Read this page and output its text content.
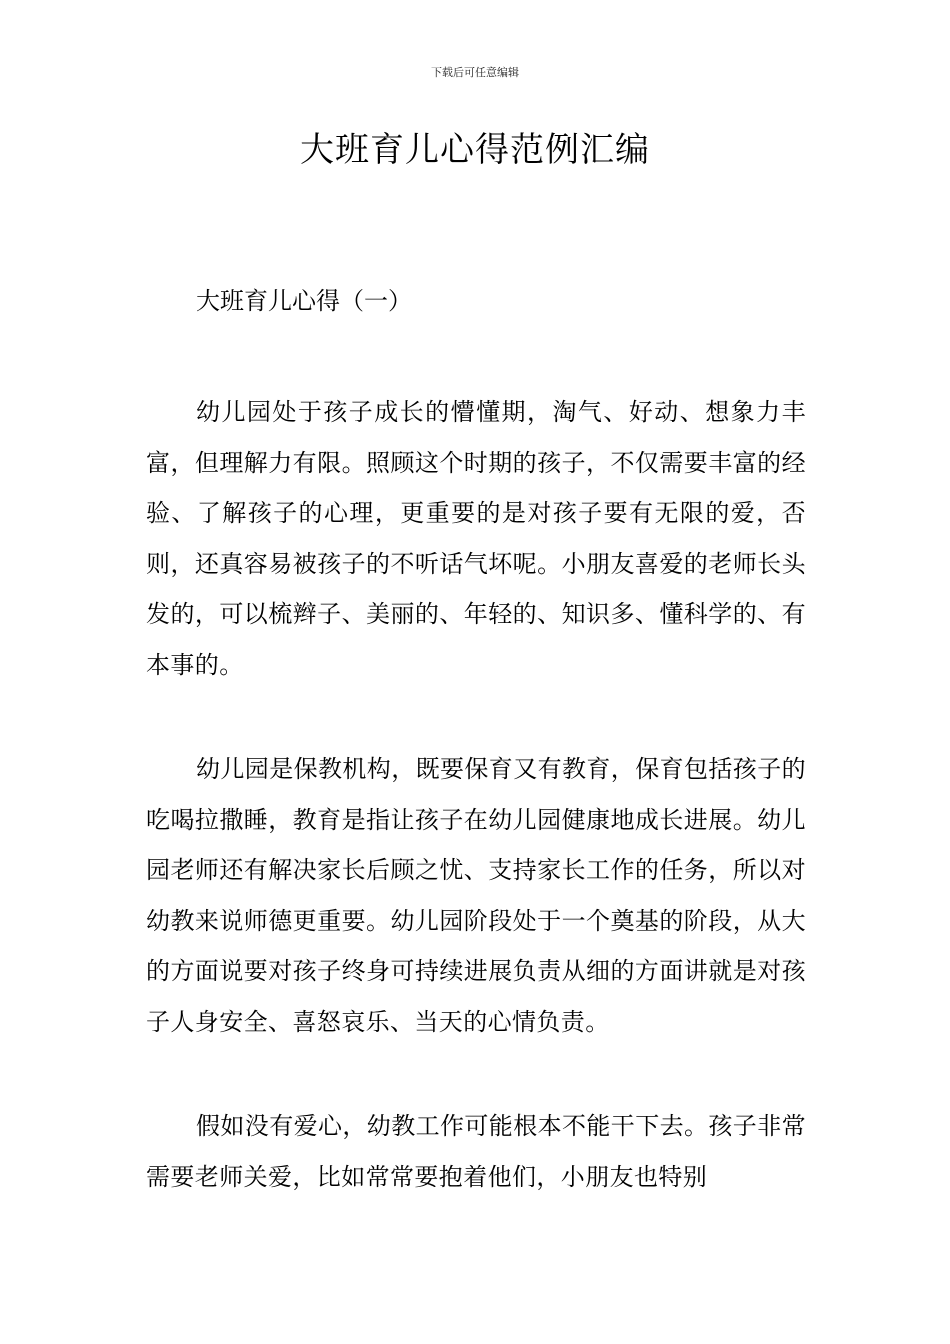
下载后可任意编辑
大班育儿心得范例汇编
大班育儿心得（一）

幼儿园处于孩子成长的懵懂期，淘气、好动、想象力丰富，但理解力有限。照顾这个时期的孩子，不仅需要丰富的经验、了解孩子的心理，更重要的是对孩子要有无限的爱，否则，还真容易被孩子的不听话气坏呢。小朋友喜爱的老师长头发的，可以梳辫子、美丽的、年轻的、知识多、懂科学的、有本事的。

幼儿园是保教机构，既要保育又有教育，保育包括孩子的吃喝拉撒睡，教育是指让孩子在幼儿园健康地成长进展。幼儿园老师还有解决家长后顾之忧、支持家长工作的任务，所以对幼教来说师德更重要。幼儿园阶段处于一个奠基的阶段，从大的方面说要对孩子终身可持续进展负责从细的方面讲就是对孩子人身安全、喜怒哀乐、当天的心情负责。

假如没有爱心，幼教工作可能根本不能干下去。孩子非常需要老师关爱，比如常常要抱着他们，小朋友也特别
